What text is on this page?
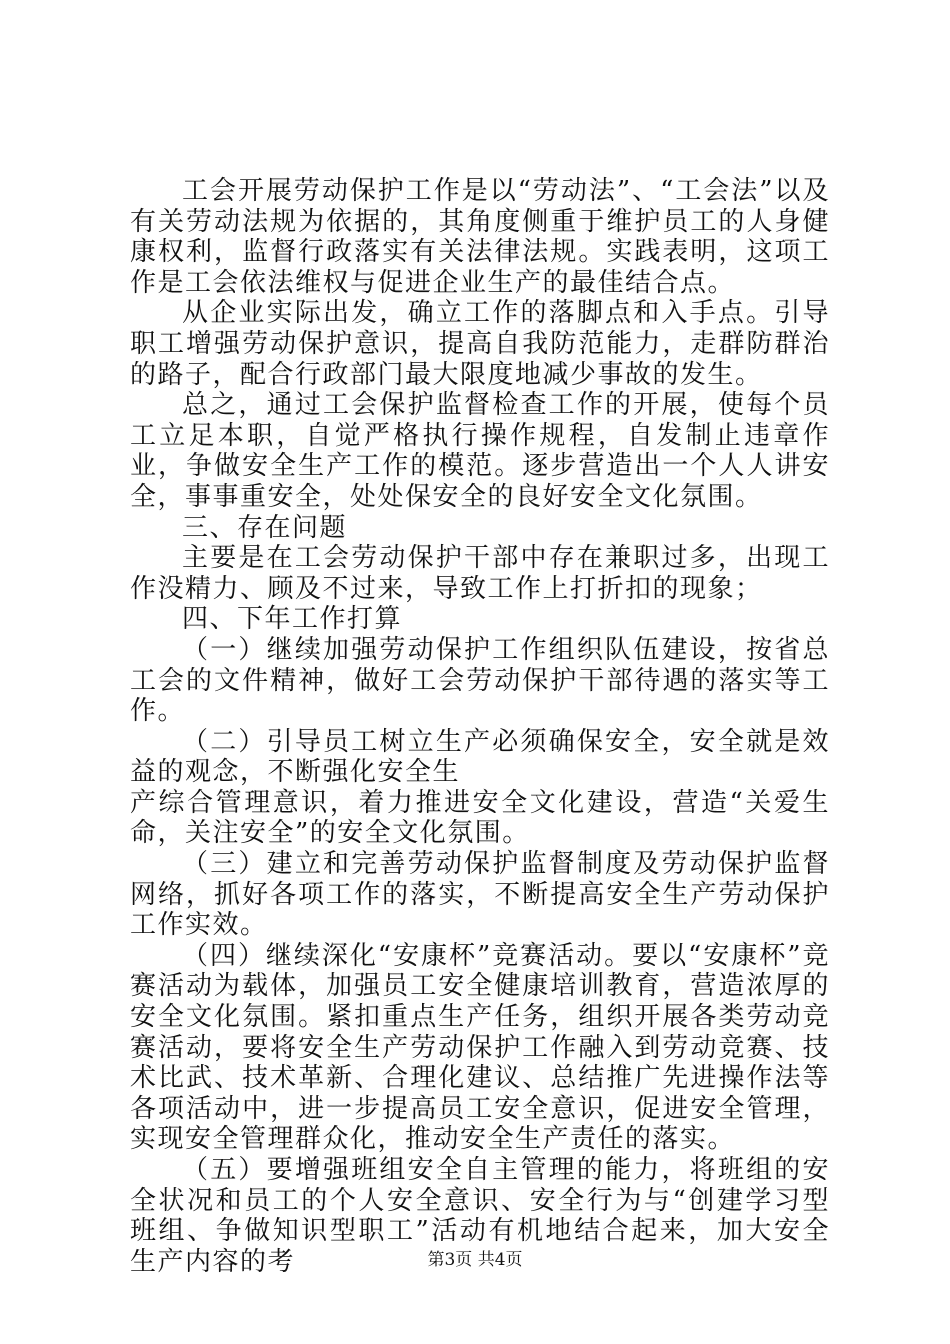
工会开展劳动保护工作是以“劳动法”、“工会法”以及有关劳动法规为依据的，其角度侧重于维护员工的人身健康权利，监督行政落实有关法律法规。实践表明，这项工作是工会依法维权与促进企业生产的最佳结合点。

从企业实际出发，确立工作的落脚点和入手点。引导职工增强劳动保护意识，提高自我防范能力，走群防群治的路子，配合行政部门最大限度地减少事故的发生。

总之，通过工会保护监督检查工作的开展，使每个员工立足本职，自觉严格执行操作规程，自发制止违章作业，争做安全生产工作的模范。逐步营造出一个人人讲安全，事事重安全，处处保安全的良好安全文化氛围。

三、存在问题

主要是在工会劳动保护干部中存在兼职过多，出现工作没精力、顾及不过来，导致工作上打折扣的现象；

四、下年工作打算

（一）继续加强劳动保护工作组织队伍建设，按省总工会的文件精神，做好工会劳动保护干部待遇的落实等工作。

（二）引导员工树立生产必须确保安全，安全就是效益的观念，不断强化安全生

产综合管理意识，着力推进安全文化建设，营造“关爱生命，关注安全”的安全文化氛围。

（三）建立和完善劳动保护监督制度及劳动保护监督网络，抓好各项工作的落实，不断提高安全生产劳动保护工作实效。

（四）继续深化“安康杯”竞赛活动。要以“安康杯”竞赛活动为载体，加强员工安全健康培训教育，营造浓厚的安全文化氛围。紧扣重点生产任务，组织开展各类劳动竞赛活动，要将安全生产劳动保护工作融入到劳动竞赛、技术比武、技术革新、合理化建议、总结推广先进操作法等各项活动中，进一步提高员工安全意识，促进安全管理，实现安全管理群众化，推动安全生产责任的落实。

（五）要增强班组安全自主管理的能力，将班组的安全状况和员工的个人安全意识、安全行为与“创建学习型班组、争做知识型职工”活动有机地结合起来，加大安全生产内容的考	第3页 共4页
